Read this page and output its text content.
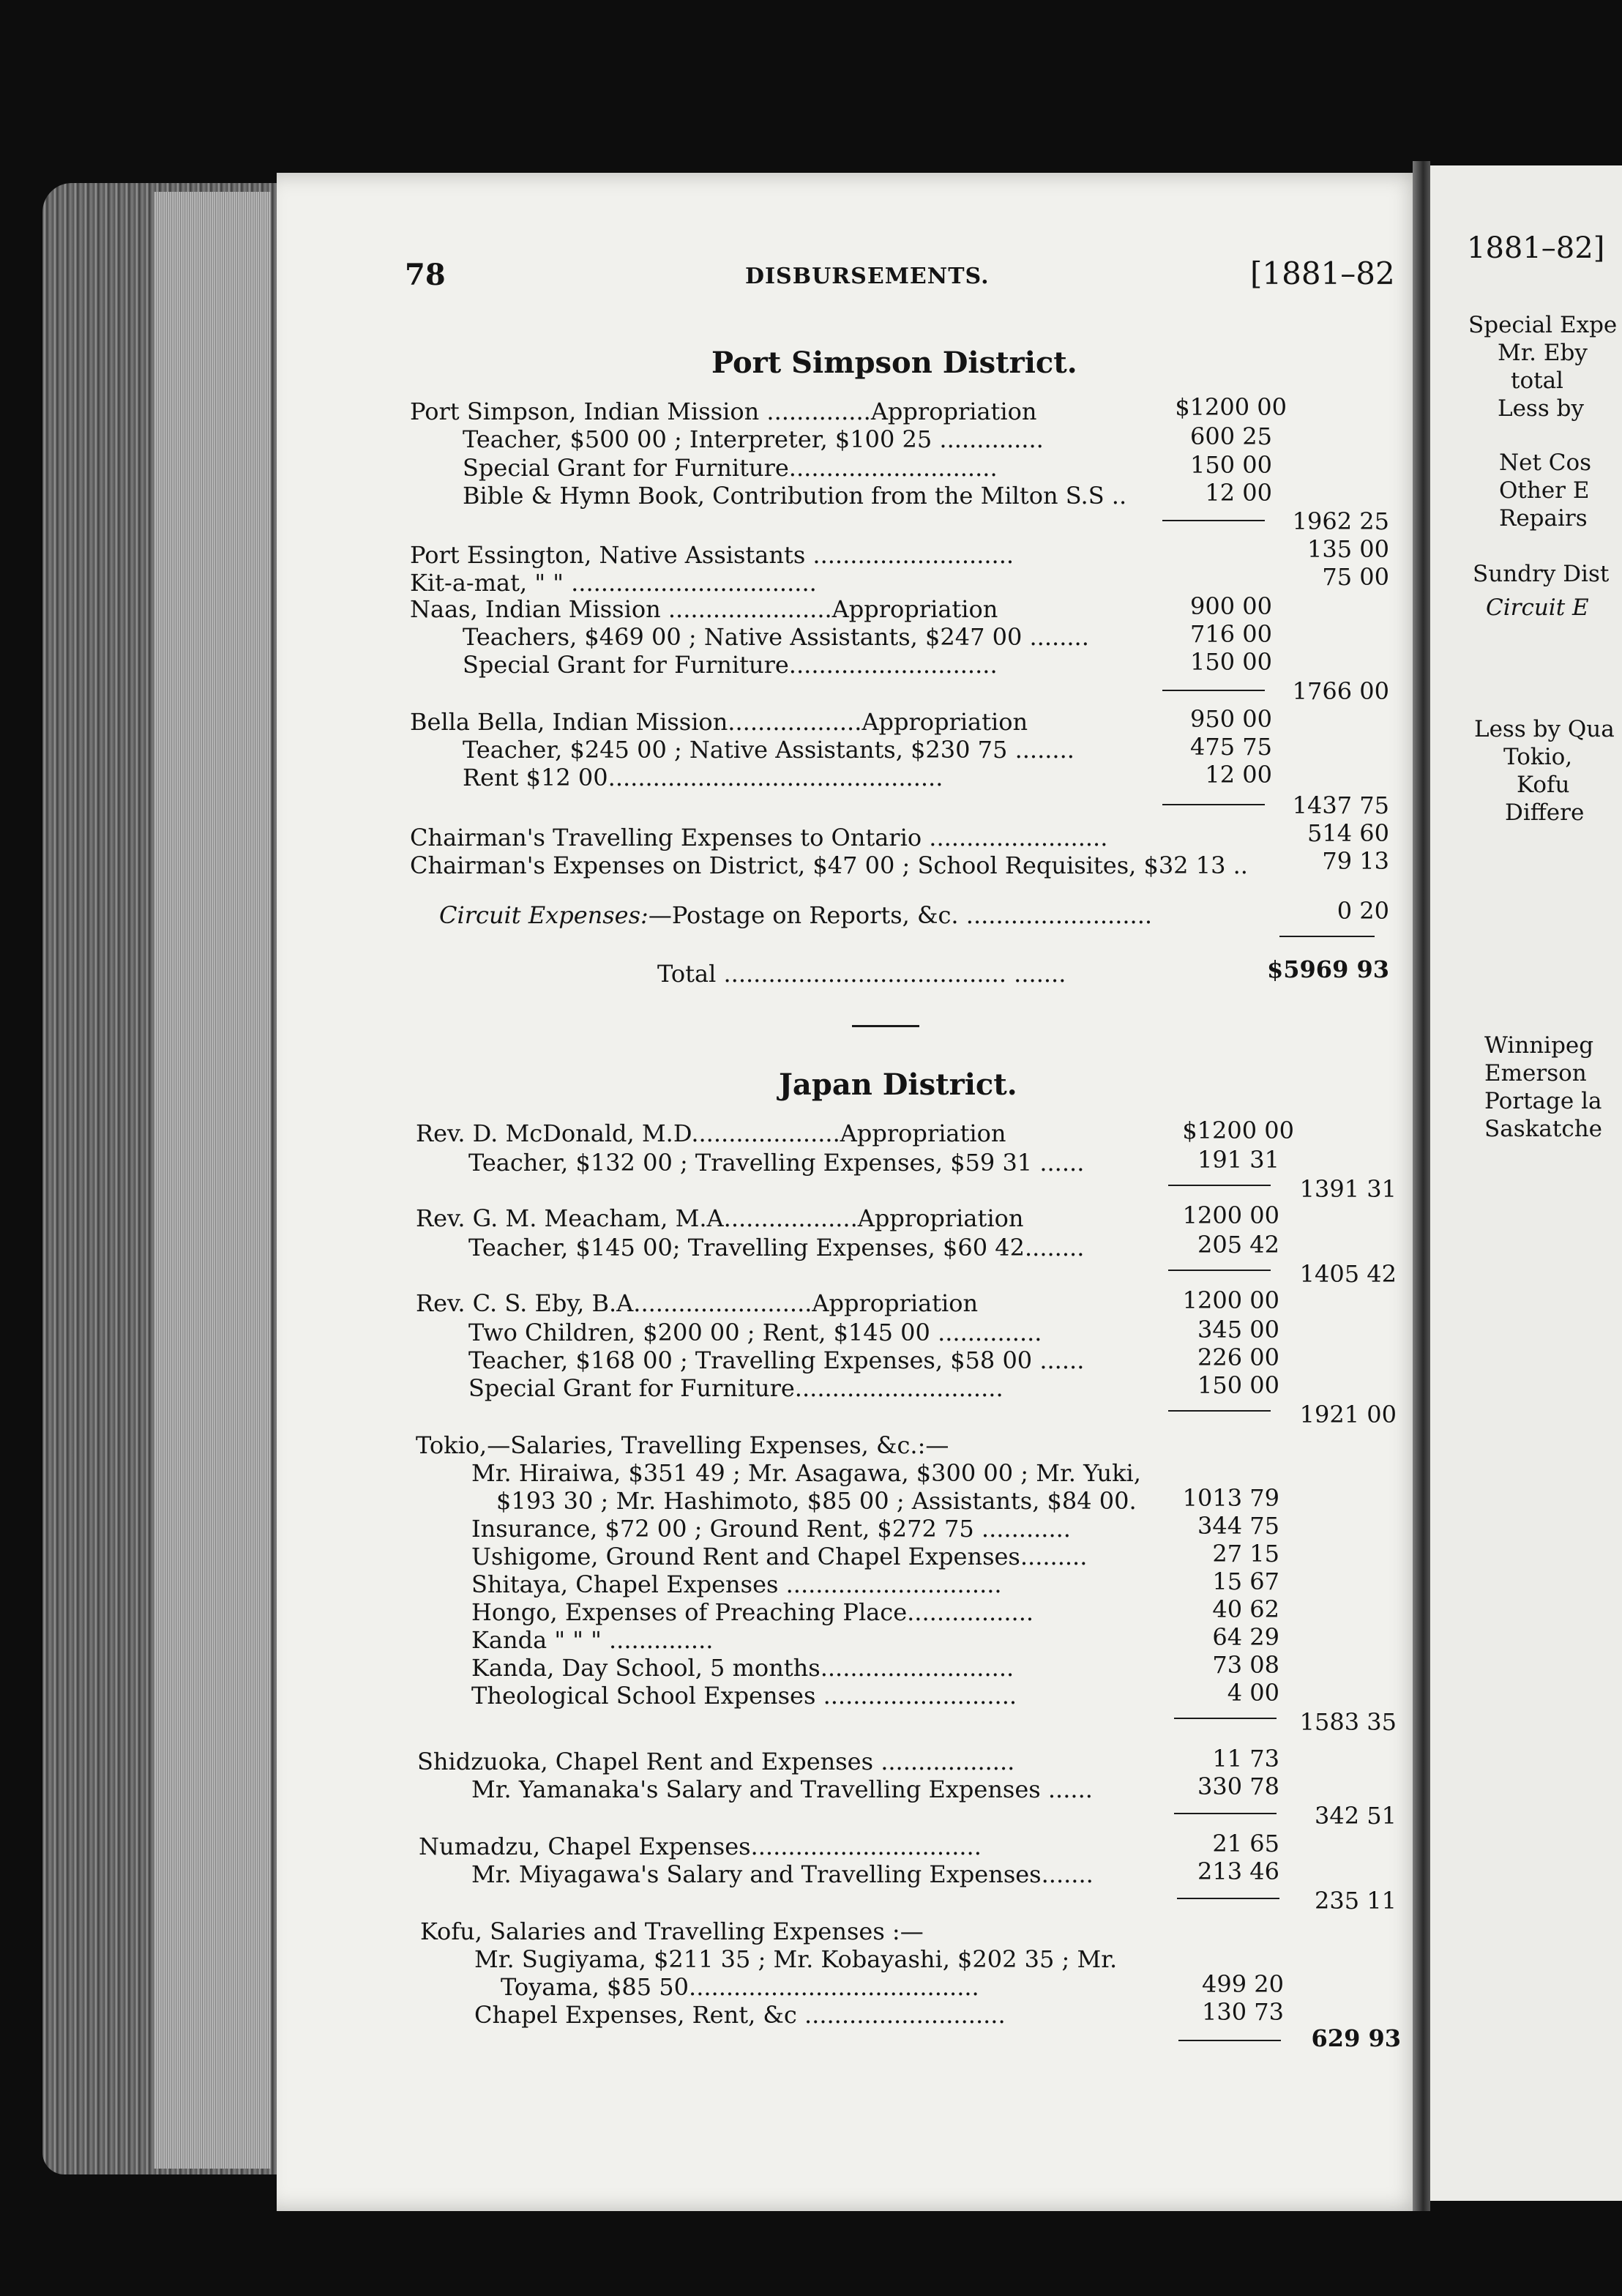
78	DISBURSEMENTS.	[1881–82
Port Simpson District.
Port Simpson, Indian Mission ..............Appropriation	$1200 00
Teacher, $500 00 ; Interpreter, $100 25 ..............	600 25
Special Grant for Furniture............................	150 00
Bible & Hymn Book, Contribution from the Milton S.S ..	12 00
1962 25
Port Essington, Native Assistants ...........................	135 00
Kit-a-mat, " " .................................	75 00
Naas, Indian Mission ......................Appropriation	900 00
Teachers, $469 00 ; Native Assistants, $247 00 ........	716 00
Special Grant for Furniture............................	150 00
1766 00
Bella Bella, Indian Mission..................Appropriation	950 00
Teacher, $245 00 ; Native Assistants, $230 75 ........	475 75
Rent $12 00.............................................	12 00
1437 75
Chairman's Travelling Expenses to Ontario ........................	514 60
Chairman's Expenses on District, $47 00 ; School Requisites, $32 13 ..	79 13
Circuit Expenses:—Postage on Reports, &c. .........................	0 20
Total ...................................... .......	$5969 93
Japan District.
Rev. D. McDonald, M.D....................Appropriation	$1200 00
Teacher, $132 00 ; Travelling Expenses, $59 31 ......	191 31
1391 31
Rev. G. M. Meacham, M.A..................Appropriation	1200 00
Teacher, $145 00; Travelling Expenses, $60 42........	205 42
1405 42
Rev. C. S. Eby, B.A........................Appropriation	1200 00
Two Children, $200 00 ; Rent, $145 00 ..............	345 00
Teacher, $168 00 ; Travelling Expenses, $58 00 ......	226 00
Special Grant for Furniture............................	150 00
1921 00
Tokio,—Salaries, Travelling Expenses, &c.:—
Mr. Hiraiwa, $351 49 ; Mr. Asagawa, $300 00 ; Mr. Yuki,
$193 30 ; Mr. Hashimoto, $85 00 ; Assistants, $84 00.	1013 79
Insurance, $72 00 ; Ground Rent, $272 75 ............	344 75
Ushigome, Ground Rent and Chapel Expenses.........	27 15
Shitaya, Chapel Expenses .............................	15 67
Hongo, Expenses of Preaching Place.................	40 62
Kanda " " " ..............	64 29
Kanda, Day School, 5 months..........................	73 08
Theological School Expenses ..........................	4 00
1583 35
Shidzuoka, Chapel Rent and Expenses ..................	11 73
Mr. Yamanaka's Salary and Travelling Expenses ......	330 78
342 51
Numadzu, Chapel Expenses...............................	21 65
Mr. Miyagawa's Salary and Travelling Expenses.......	213 46
235 11
Kofu, Salaries and Travelling Expenses :—
Mr. Sugiyama, $211 35 ; Mr. Kobayashi, $202 35 ; Mr.
Toyama, $85 50.......................................	499 20
Chapel Expenses, Rent, &c ...........................	130 73
629 93
1881–82]
Special Expe
Mr. Eby
total
Less by
Net Cos
Other E
Repairs
Sundry Dist
Circuit E
Less by Qua
Tokio,
Kofu
Differe
Winnipeg
Emerson
Portage la
Saskatche
